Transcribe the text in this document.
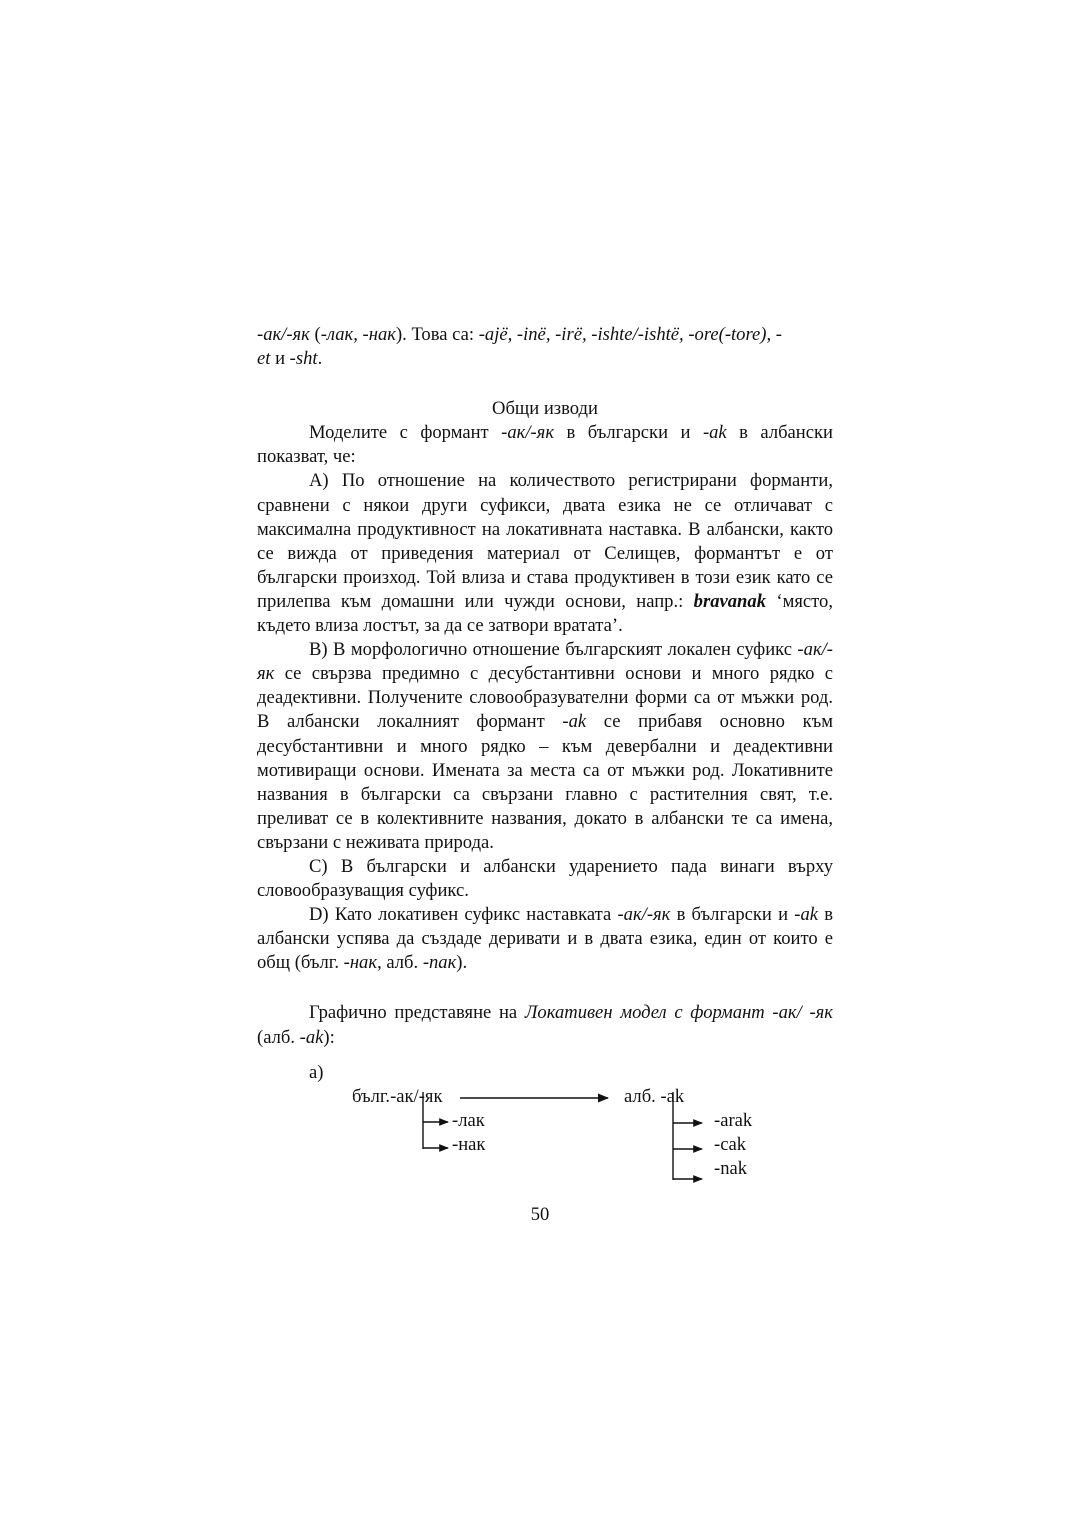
-ак/-як (-лак, -нак). Това са: -ajë, -inë, -irë, -ishte/-ishtë, -ore(-tore), -
et и -sht.

Общи изводи

Моделите с формант -ак/-як в български и -ak в албански показват, че:

А) По отношение на количеството регистрирани форманти, сравнени с някои други суфикси, двата езика не се отличават с максимална продуктивност на локативната наставка. В албански, както се вижда от приведения материал от Селищев, формантът е от български произход. Той влиза и става продуктивен в този език като се прилепва към домашни или чужди основи, напр.: bravanak ‘място, където влиза лостът, за да се затвори вратата’.

В) В морфологично отношение българският локален суфикс -ак/-як се свързва предимно с десубстантивни основи и много рядко с деадективни. Получените словообразувателни форми са от мъжки род. В албански локалният формант -ak се прибавя основно към десубстантивни и много рядко – към девербални и деадективни мотивиращи основи. Имената за места са от мъжки род. Локативните названия в български са свързани главно с растителния свят, т.е. преливат се в колективните названия, докато в албански те са имена, свързани с неживата природа.

С) В български и албански ударението пада винаги върху словообразуващия суфикс.

D) Като локативен суфикс наставката -ак/-як в български и -ak в албански успява да създаде деривати и в двата езика, един от които е общ (бълг. -нак, алб. -пак).

Графично представяне на Локативен модел с формант -ак/ -як (алб. -ak):

а)
бълг.-ак/-як	алб. -ak
-лак
-нак
-arak
-cak
-nak
50
